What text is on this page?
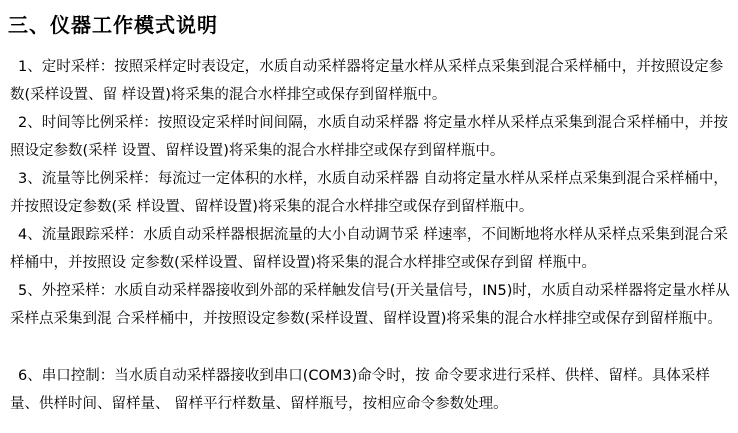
三、仪器工作模式说明

1、定时采样：按照采样定时表设定，水质自动采样器将定量水样从采样点采集到混合采样桶中，并按照设定参数(采样设置、留 样设置)将采集的混合水样排空或保存到留样瓶中。

2、时间等比例采样：按照设定采样时间间隔，水质自动采样器 将定量水样从采样点采集到混合采样桶中，并按照设定参数(采样 设置、留样设置)将采集的混合水样排空或保存到留样瓶中。

3、流量等比例采样：每流过一定体积的水样，水质自动采样器 自动将定量水样从采样点采集到混合采样桶中，并按照设定参数(采 样设置、留样设置)将采集的混合水样排空或保存到留样瓶中。

4、流量跟踪采样：水质自动采样器根据流量的大小自动调节采 样速率，不间断地将水样从采样点采集到混合采样桶中，并按照设 定参数(采样设置、留样设置)将采集的混合水样排空或保存到留 样瓶中。

5、外控采样：水质自动采样器接收到外部的采样触发信号(开关量信号，IN5)时，水质自动采样器将定量水样从采样点采集到混 合采样桶中，并按照设定参数(采样设置、留样设置)将采集的混合水样排空或保存到留样瓶中。

6、串口控制：当水质自动采样器接收到串口(COM3)命令时，按 命令要求进行采样、供样、留样。具体采样量、供样时间、留样量、 留样平行样数量、留样瓶号，按相应命令参数处理。
